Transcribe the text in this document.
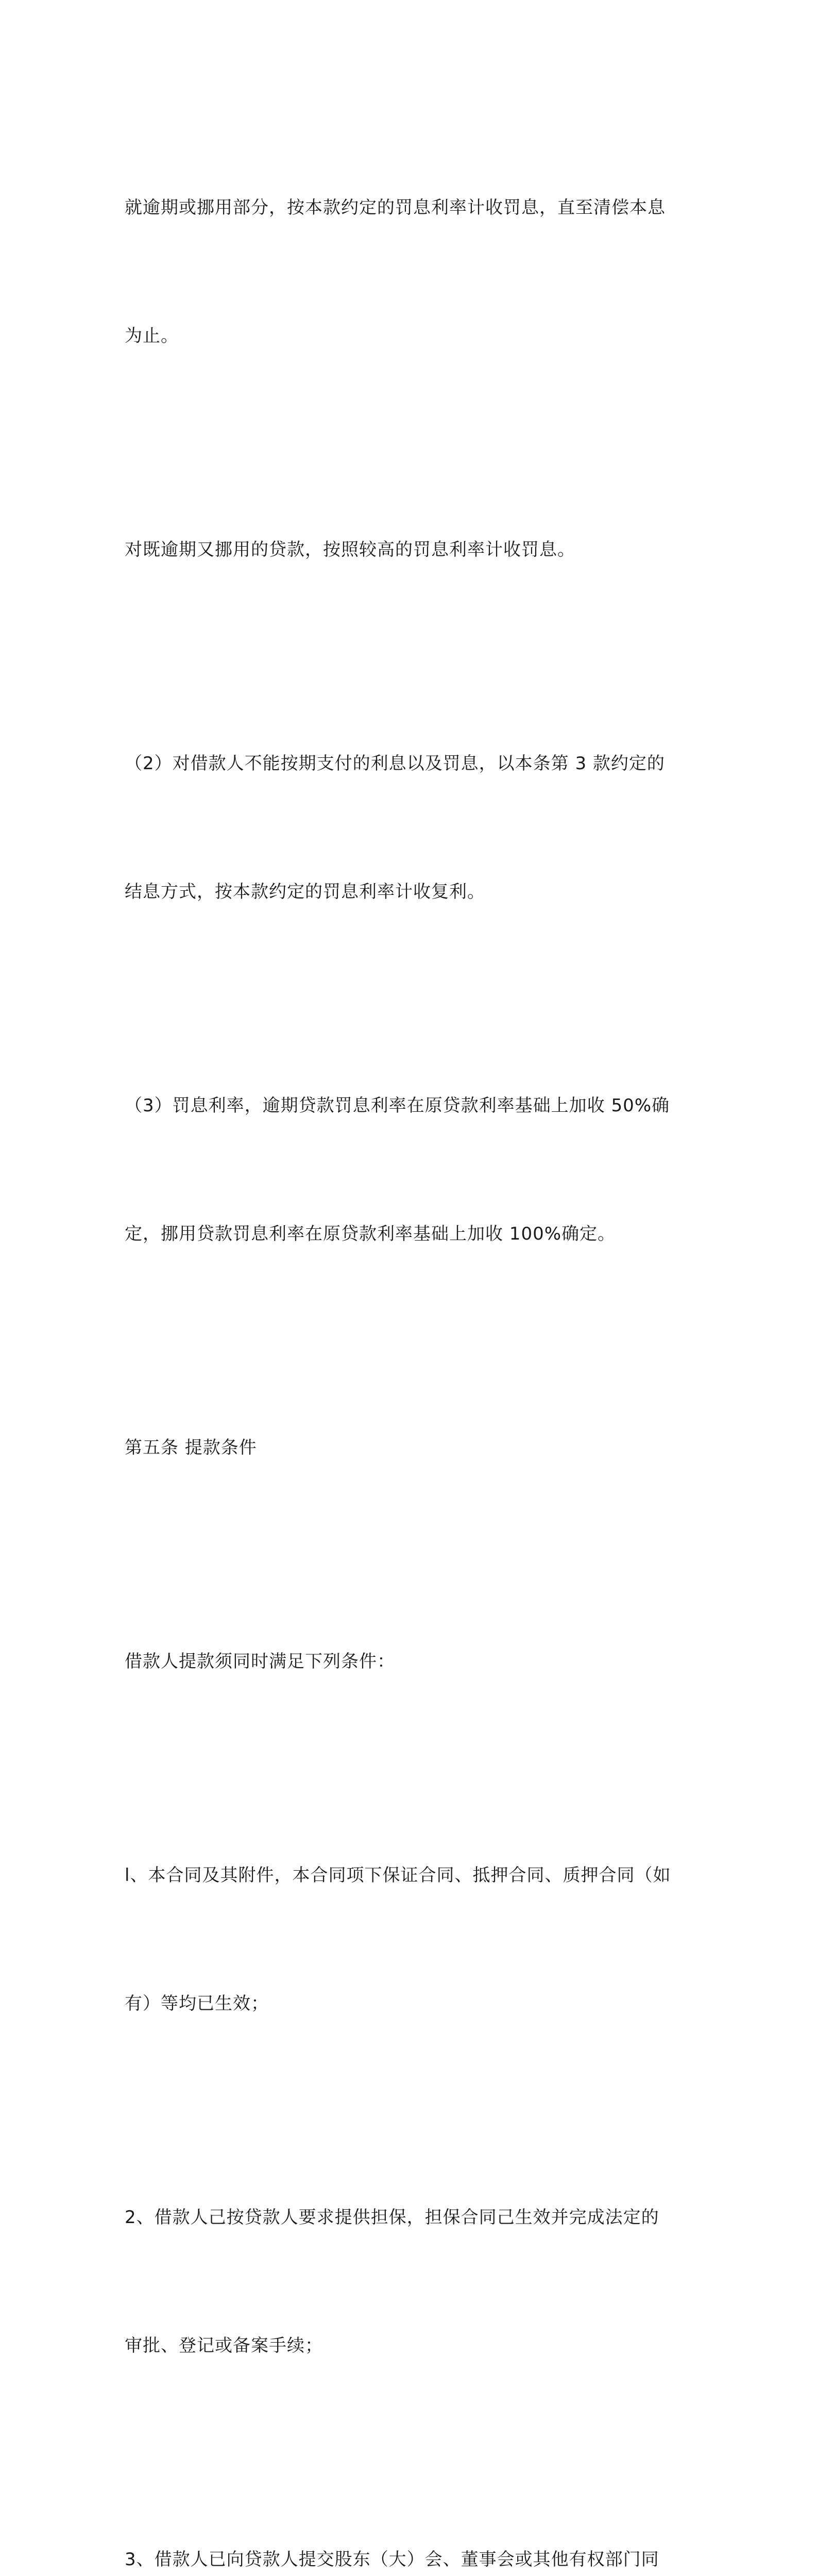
就逾期或挪用部分，按本款约定的罚息利率计收罚息，直至清偿本息

为止。

对既逾期又挪用的贷款，按照较高的罚息利率计收罚息。

（2）对借款人不能按期支付的利息以及罚息，以本条第 3 款约定的

结息方式，按本款约定的罚息利率计收复利。

（3）罚息利率，逾期贷款罚息利率在原贷款利率基础上加收 50%确

定，挪用贷款罚息利率在原贷款利率基础上加收 100%确定。

第五条 提款条件

借款人提款须同时满足下列条件：

l、本合同及其附件，本合同项下保证合同、抵押合同、质押合同（如

有）等均已生效；

2、借款人己按贷款人要求提供担保，担保合同己生效并完成法定的

审批、登记或备案手续；

3、借款人已向贷款人提交股东（大）会、董事会或其他有权部门同
